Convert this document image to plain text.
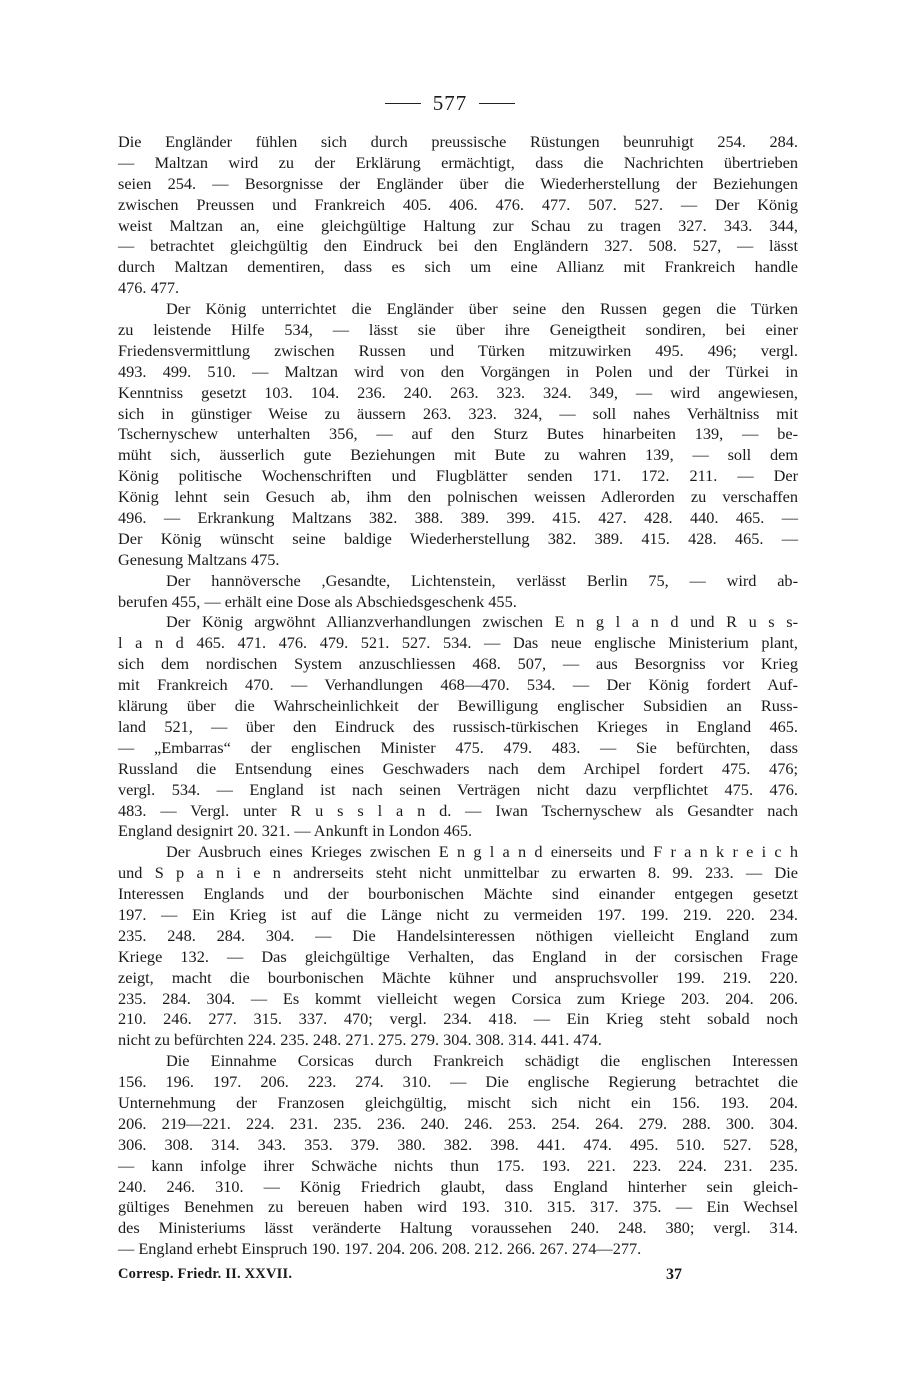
577
Die Engländer fühlen sich durch preussische Rüstungen beunruhigt 254. 284.
— Maltzan wird zu der Erklärung ermächtigt, dass die Nachrichten übertrieben
seien 254. — Besorgnisse der Engländer über die Wiederherstellung der Beziehungen
zwischen Preussen und Frankreich 405. 406. 476. 477. 507. 527. — Der König
weist Maltzan an, eine gleichgültige Haltung zur Schau zu tragen 327. 343. 344,
— betrachtet gleichgültig den Eindruck bei den Engländern 327. 508. 527, — lässt
durch Maltzan dementiren, dass es sich um eine Allianz mit Frankreich handle
476. 477.
Der König unterrichtet die Engländer über seine den Russen gegen die Türken
zu leistende Hilfe 534, — lässt sie über ihre Geneigtheit sondiren, bei einer
Friedensvermittlung zwischen Russen und Türken mitzuwirken 495. 496; vergl.
493. 499. 510. — Maltzan wird von den Vorgängen in Polen und der Türkei in
Kenntniss gesetzt 103. 104. 236. 240. 263. 323. 324. 349, — wird angewiesen,
sich in günstiger Weise zu äussern 263. 323. 324, — soll nahes Verhältniss mit
Tschernyschew unterhalten 356, — auf den Sturz Butes hinarbeiten 139, — be-
müht sich, äusserlich gute Beziehungen mit Bute zu wahren 139, — soll dem
König politische Wochenschriften und Flugblätter senden 171. 172. 211. — Der
König lehnt sein Gesuch ab, ihm den polnischen weissen Adlerorden zu verschaffen
496. — Erkrankung Maltzans 382. 388. 389. 399. 415. 427. 428. 440. 465. —
Der König wünscht seine baldige Wiederherstellung 382. 389. 415. 428. 465. —
Genesung Maltzans 475.
Der hannöversche ,Gesandte, Lichtenstein, verlässt Berlin 75, — wird ab-
berufen 455, — erhält eine Dose als Abschiedsgeschenk 455.
Der König argwöhnt Allianzverhandlungen zwischen E n g l a n d und R u s s-
l a n d 465. 471. 476. 479. 521. 527. 534. — Das neue englische Ministerium plant,
sich dem nordischen System anzuschliessen 468. 507, — aus Besorgniss vor Krieg
mit Frankreich 470. — Verhandlungen 468—470. 534. — Der König fordert Auf-
klärung über die Wahrscheinlichkeit der Bewilligung englischer Subsidien an Russ-
land 521, — über den Eindruck des russisch-türkischen Krieges in England 465.
— „Embarras“ der englischen Minister 475. 479. 483. — Sie befürchten, dass
Russland die Entsendung eines Geschwaders nach dem Archipel fordert 475. 476;
vergl. 534. — England ist nach seinen Verträgen nicht dazu verpflichtet 475. 476.
483. — Vergl. unter R u s s l a n d. — Iwan Tschernyschew als Gesandter nach
England designirt 20. 321. — Ankunft in London 465.
Der Ausbruch eines Krieges zwischen E n g l a n d einerseits und F r a n k r e i c h
und S p a n i e n andrerseits steht nicht unmittelbar zu erwarten 8. 99. 233. — Die
Interessen Englands und der bourbonischen Mächte sind einander entgegen gesetzt
197. — Ein Krieg ist auf die Länge nicht zu vermeiden 197. 199. 219. 220. 234.
235. 248. 284. 304. — Die Handelsinteressen nöthigen vielleicht England zum
Kriege 132. — Das gleichgültige Verhalten, das England in der corsischen Frage
zeigt, macht die bourbonischen Mächte kühner und anspruchsvoller 199. 219. 220.
235. 284. 304. — Es kommt vielleicht wegen Corsica zum Kriege 203. 204. 206.
210. 246. 277. 315. 337. 470; vergl. 234. 418. — Ein Krieg steht sobald noch
nicht zu befürchten 224. 235. 248. 271. 275. 279. 304. 308. 314. 441. 474.
Die Einnahme Corsicas durch Frankreich schädigt die englischen Interessen
156. 196. 197. 206. 223. 274. 310. — Die englische Regierung betrachtet die
Unternehmung der Franzosen gleichgültig, mischt sich nicht ein 156. 193. 204.
206. 219—221. 224. 231. 235. 236. 240. 246. 253. 254. 264. 279. 288. 300. 304.
306. 308. 314. 343. 353. 379. 380. 382. 398. 441. 474. 495. 510. 527. 528,
— kann infolge ihrer Schwäche nichts thun 175. 193. 221. 223. 224. 231. 235.
240. 246. 310. — König Friedrich glaubt, dass England hinterher sein gleich-
gültiges Benehmen zu bereuen haben wird 193. 310. 315. 317. 375. — Ein Wechsel
des Ministeriums lässt veränderte Haltung voraussehen 240. 248. 380; vergl. 314.
— England erhebt Einspruch 190. 197. 204. 206. 208. 212. 266. 267. 274—277.
Corresp. Friedr. II. XXVII.	37
